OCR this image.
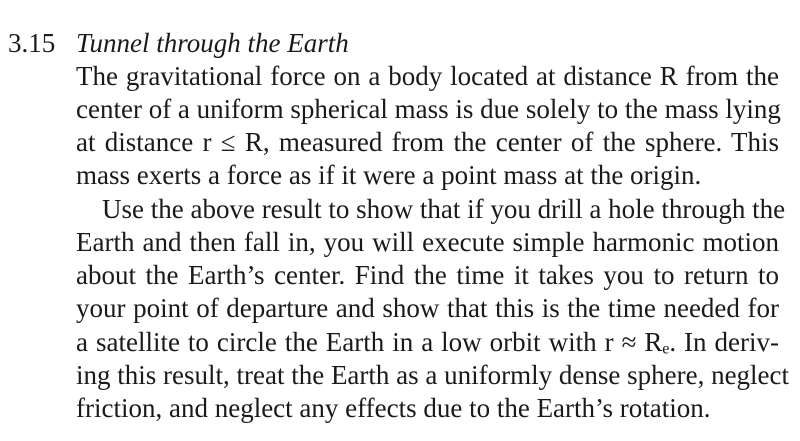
3.15 Tunnel through the Earth
The gravitational force on a body located at distance R from the
center of a uniform spherical mass is due solely to the mass lying
at distance r ≤ R, measured from the center of the sphere. This
mass exerts a force as if it were a point mass at the origin.
Use the above result to show that if you drill a hole through the
Earth and then fall in, you will execute simple harmonic motion
about the Earth’s center. Find the time it takes you to return to
your point of departure and show that this is the time needed for
a satellite to circle the Earth in a low orbit with r ≈ Rₑ. In deriv-
ing this result, treat the Earth as a uniformly dense sphere, neglect
friction, and neglect any effects due to the Earth’s rotation.
